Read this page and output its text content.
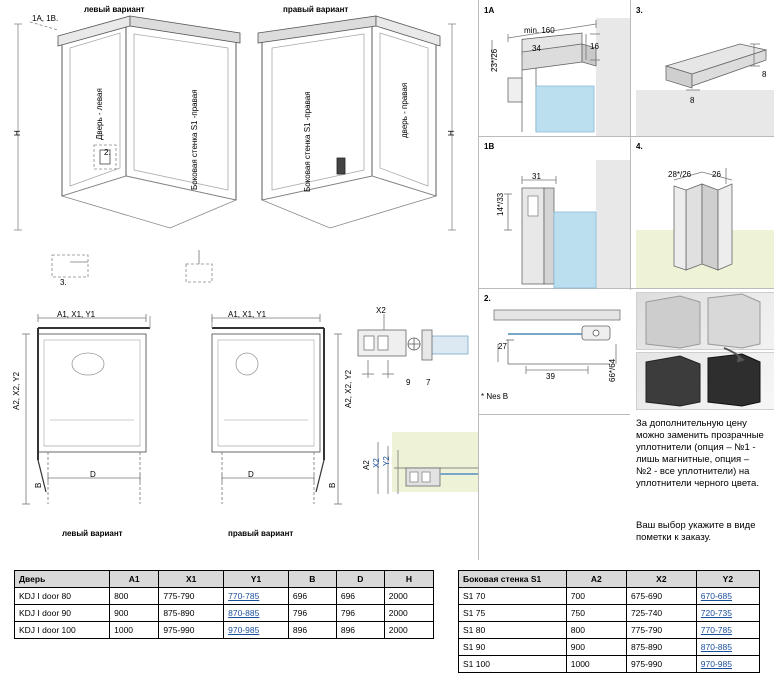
левый вариант	правый вариант
1А, 1В.
2.
3.
Н	Н
Дверь - левая	Боковая стенка S1 -правая	Боковая стенка S1 -правая	дверь - правая
A1, X1, Y1	A1, X1, Y1
A2, X2, Y2	A2, X2, Y2
В	В
D	D
левый вариант	правый вариант
X2
9 7
A2 X2 Y2
1А
min. 160
34	16
23*/26
1В
31
14*/33
2.
27
39	66*/64
* Nes В
3.
8
8
4.
28*/26	26
За дополнительную цену можно заменить прозрачные уплотнители (опция – №1 - лишь магнитные, опция – №2 - все уплотнители) на уплотнители черного цвета.
Ваш выбор укажите в виде пометки к заказу.
Дверь	A1	X1	Y1	B	D	H
KDJ I door 80	800	775-790	770-785	696	696	2000
KDJ I door 90	900	875-890	870-885	796	796	2000
KDJ I door 100	1000	975-990	970-985	896	896	2000
Боковая стенка S1	A2	X2	Y2
S1 70	700	675-690	670-685
S1 75	750	725-740	720-735
S1 80	800	775-790	770-785
S1 90	900	875-890	870-885
S1 100	1000	975-990	970-985
